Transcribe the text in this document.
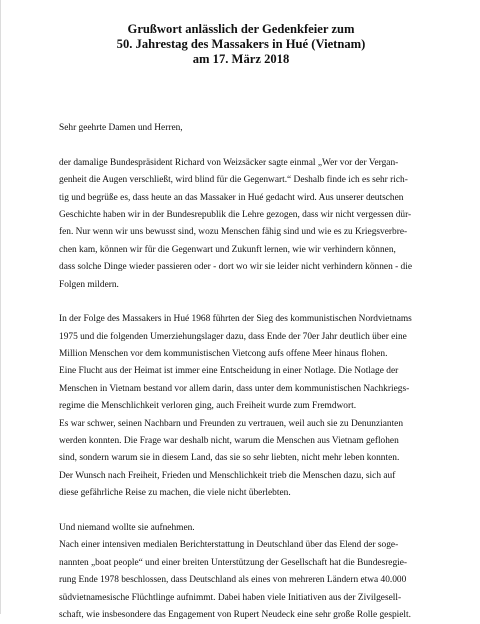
Grußwort anlässlich der Gedenkfeier zum
50. Jahrestag des Massakers in Hué (Vietnam)
am 17. März 2018
Sehr geehrte Damen und Herren,
der damalige Bundespräsident Richard von Weizsäcker sagte einmal „Wer vor der Vergan-
genheit die Augen verschließt, wird blind für die Gegenwart.“ Deshalb finde ich es sehr rich-
tig und begrüße es, dass heute an das Massaker in Hué gedacht wird. Aus unserer deutschen
Geschichte haben wir in der Bundesrepublik die Lehre gezogen, dass wir nicht vergessen dür-
fen. Nur wenn wir uns bewusst sind, wozu Menschen fähig sind und wie es zu Kriegsverbre-
chen kam, können wir für die Gegenwart und Zukunft lernen, wie wir verhindern können,
dass solche Dinge wieder passieren oder - dort wo wir sie leider nicht verhindern können - die
Folgen mildern.
In der Folge des Massakers in Hué 1968 führten der Sieg des kommunistischen Nordvietnams
1975 und die folgenden Umerziehungslager dazu, dass Ende der 70er Jahr deutlich über eine
Million Menschen vor dem kommunistischen Vietcong aufs offene Meer hinaus flohen.
Eine Flucht aus der Heimat ist immer eine Entscheidung in einer Notlage. Die Notlage der
Menschen in Vietnam bestand vor allem darin, dass unter dem kommunistischen Nachkriegs-
regime die Menschlichkeit verloren ging, auch Freiheit wurde zum Fremdwort.
Es war schwer, seinen Nachbarn und Freunden zu vertrauen, weil auch sie zu Denunzianten
werden konnten. Die Frage war deshalb nicht, warum die Menschen aus Vietnam geflohen
sind, sondern warum sie in diesem Land, das sie so sehr liebten, nicht mehr leben konnten.
Der Wunsch nach Freiheit, Frieden und Menschlichkeit trieb die Menschen dazu, sich auf
diese gefährliche Reise zu machen, die viele nicht überlebten.
Und niemand wollte sie aufnehmen.
Nach einer intensiven medialen Berichterstattung in Deutschland über das Elend der soge-
nannten „boat people“ und einer breiten Unterstützung der Gesellschaft hat die Bundesregie-
rung Ende 1978 beschlossen, dass Deutschland als eines von mehreren Ländern etwa 40.000
südvietnamesische Flüchtlinge aufnimmt. Dabei haben viele Initiativen aus der Zivilgesell-
schaft, wie insbesondere das Engagement von Rupert Neudeck eine sehr große Rolle gespielt.
